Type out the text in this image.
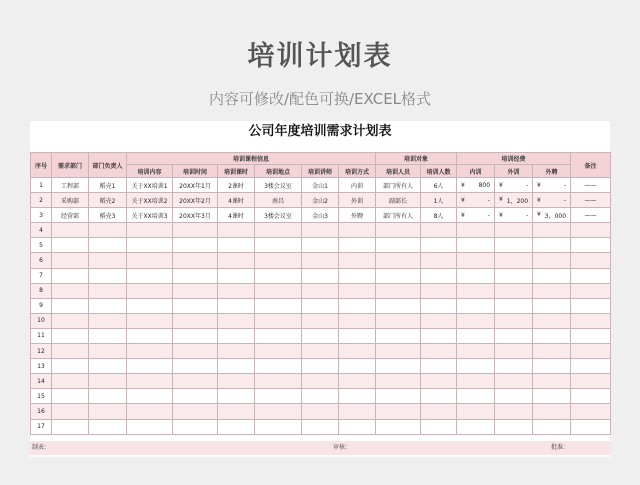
培训计划表
内容可修改/配色可换/EXCEL格式
公司年度培训需求计划表
序号	需求部门	部门负责人	培训课程信息						培训对象		培训经费			备注
			培训内容	培训时间	培训课时	培训地点	培训讲师	培训方式	培训人员	培训人数	内训	外训	外聘	
1	工程部	稻壳1	关于XX培训1	20XX年1月	2课时	3楼会议室	金山1	内训	部门所有人	6人	¥ 800	¥ -	¥ -	——
2	采购部	稻壳2	关于XX培训2	20XX年2月	4课时	南昌	金山2	外训	副部长	1人	¥ -	¥ 1，200	¥ -	——
3	经营部	稻壳3	关于XX培训3	20XX年3月	4课时	3楼会议室	金山3	外聘	部门所有人	8人	¥ -	¥ -	¥ 3，000	——
4														
5														
6														
7														
8														
9														
10														
11														
12														
13														
14														
15														
16														
17														
制表：	审核：	批准：
